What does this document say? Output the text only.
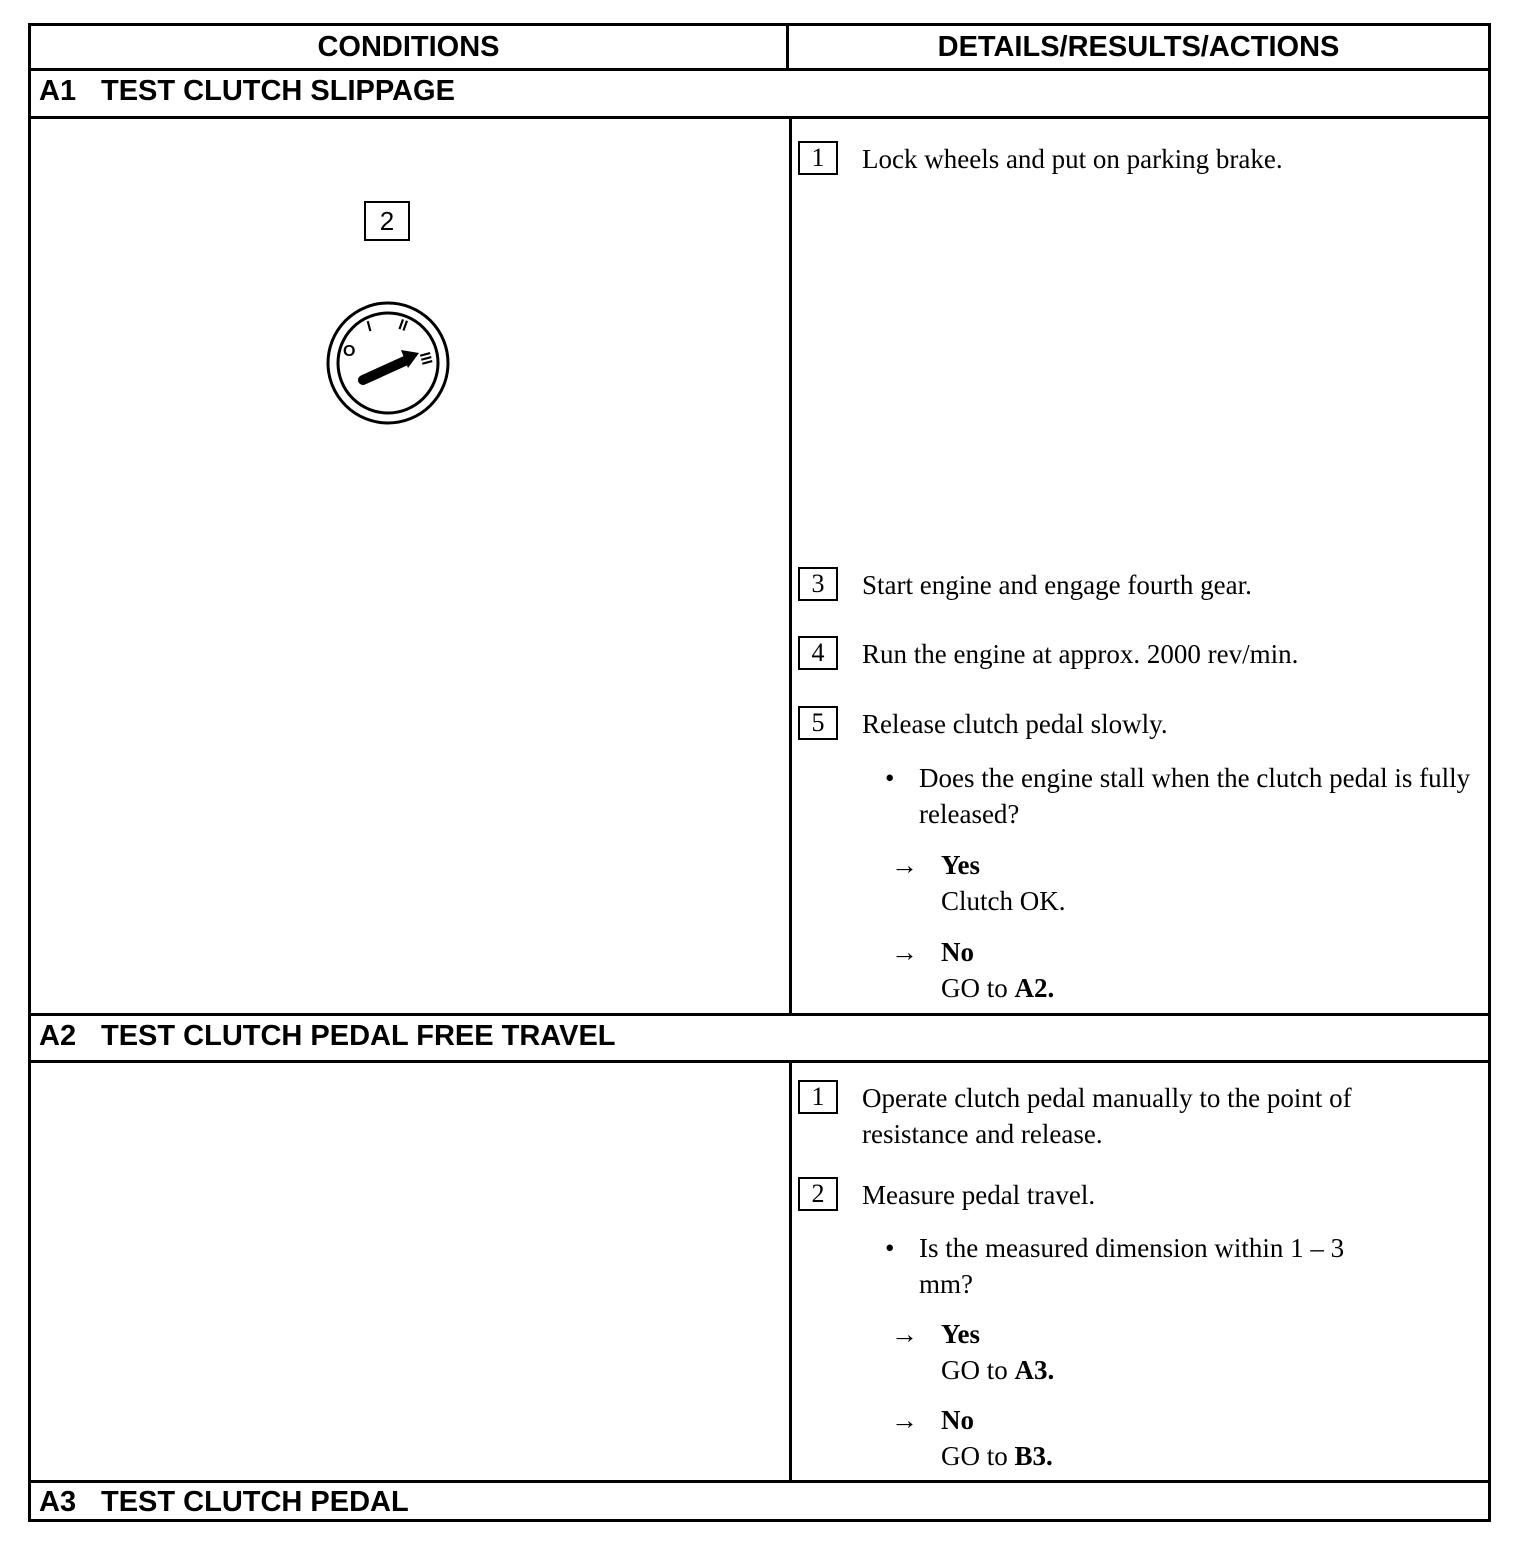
CONDITIONS	DETAILS/RESULTS/ACTIONS
A1 TEST CLUTCH SLIPPAGE
2
O
I II
III
1	Lock wheels and put on parking brake.
3	Start engine and engage fourth gear.
4	Run the engine at approx. 2000 rev/min.
5	Release clutch pedal slowly.
• Does the engine stall when the clutch pedal is fully released?
→ Yes
Clutch OK.
→ No
GO to A2.
A2 TEST CLUTCH PEDAL FREE TRAVEL
1	Operate clutch pedal manually to the point of resistance and release.
2	Measure pedal travel.
• Is the measured dimension within 1 – 3 mm?
→ Yes
GO to A3.
→ No
GO to B3.
A3 TEST CLUTCH PEDAL
